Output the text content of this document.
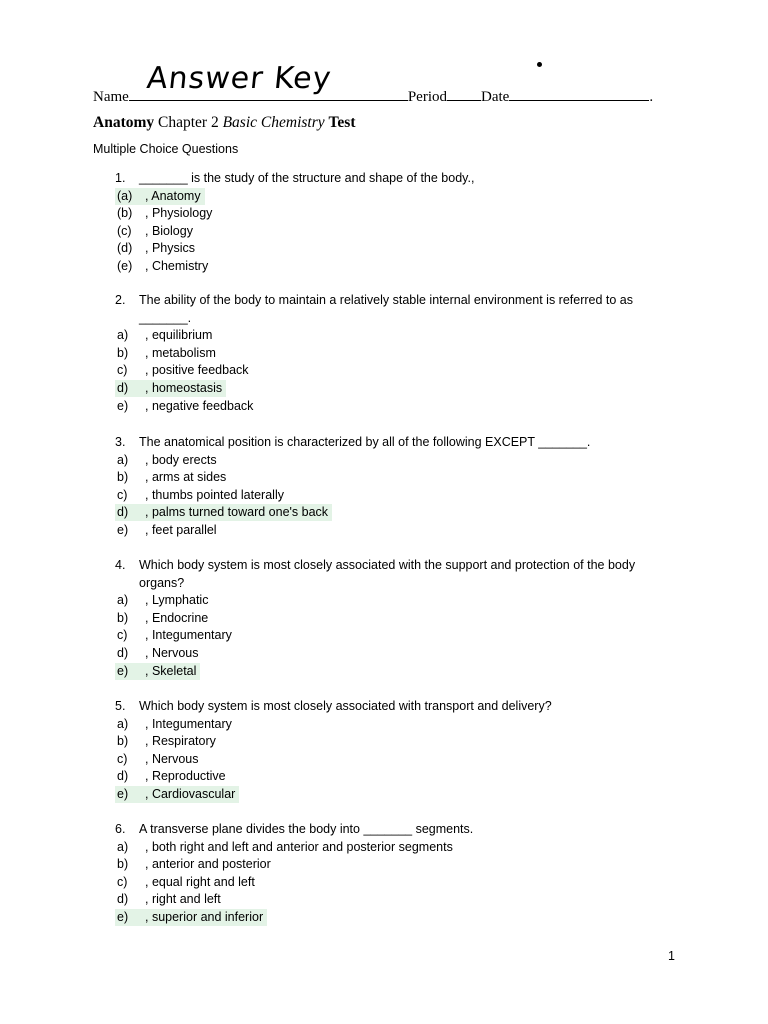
Answer Key
Name	Period Date	.
Anatomy Chapter 2 Basic Chemistry Test
Multiple Choice Questions
1. _______ is the study of the structure and shape of the body.,
(a) , Anatomy
(b) , Physiology
(c) , Biology
(d) , Physics
(e) , Chemistry
2. The ability of the body to maintain a relatively stable internal environment is referred to as
_______.
a) , equilibrium
b) , metabolism
c) , positive feedback
d) , homeostasis
e) , negative feedback
3. The anatomical position is characterized by all of the following EXCEPT _______.
a) , body erects
b) , arms at sides
c) , thumbs pointed laterally
d) , palms turned toward one's back
e) , feet parallel
4. Which body system is most closely associated with the support and protection of the body
organs?
a) , Lymphatic
b) , Endocrine
c) , Integumentary
d) , Nervous
e) , Skeletal
5. Which body system is most closely associated with transport and delivery?
a) , Integumentary
b) , Respiratory
c) , Nervous
d) , Reproductive
e) , Cardiovascular
6. A transverse plane divides the body into _______ segments.
a) , both right and left and anterior and posterior segments
b) , anterior and posterior
c) , equal right and left
d) , right and left
e) , superior and inferior
1
